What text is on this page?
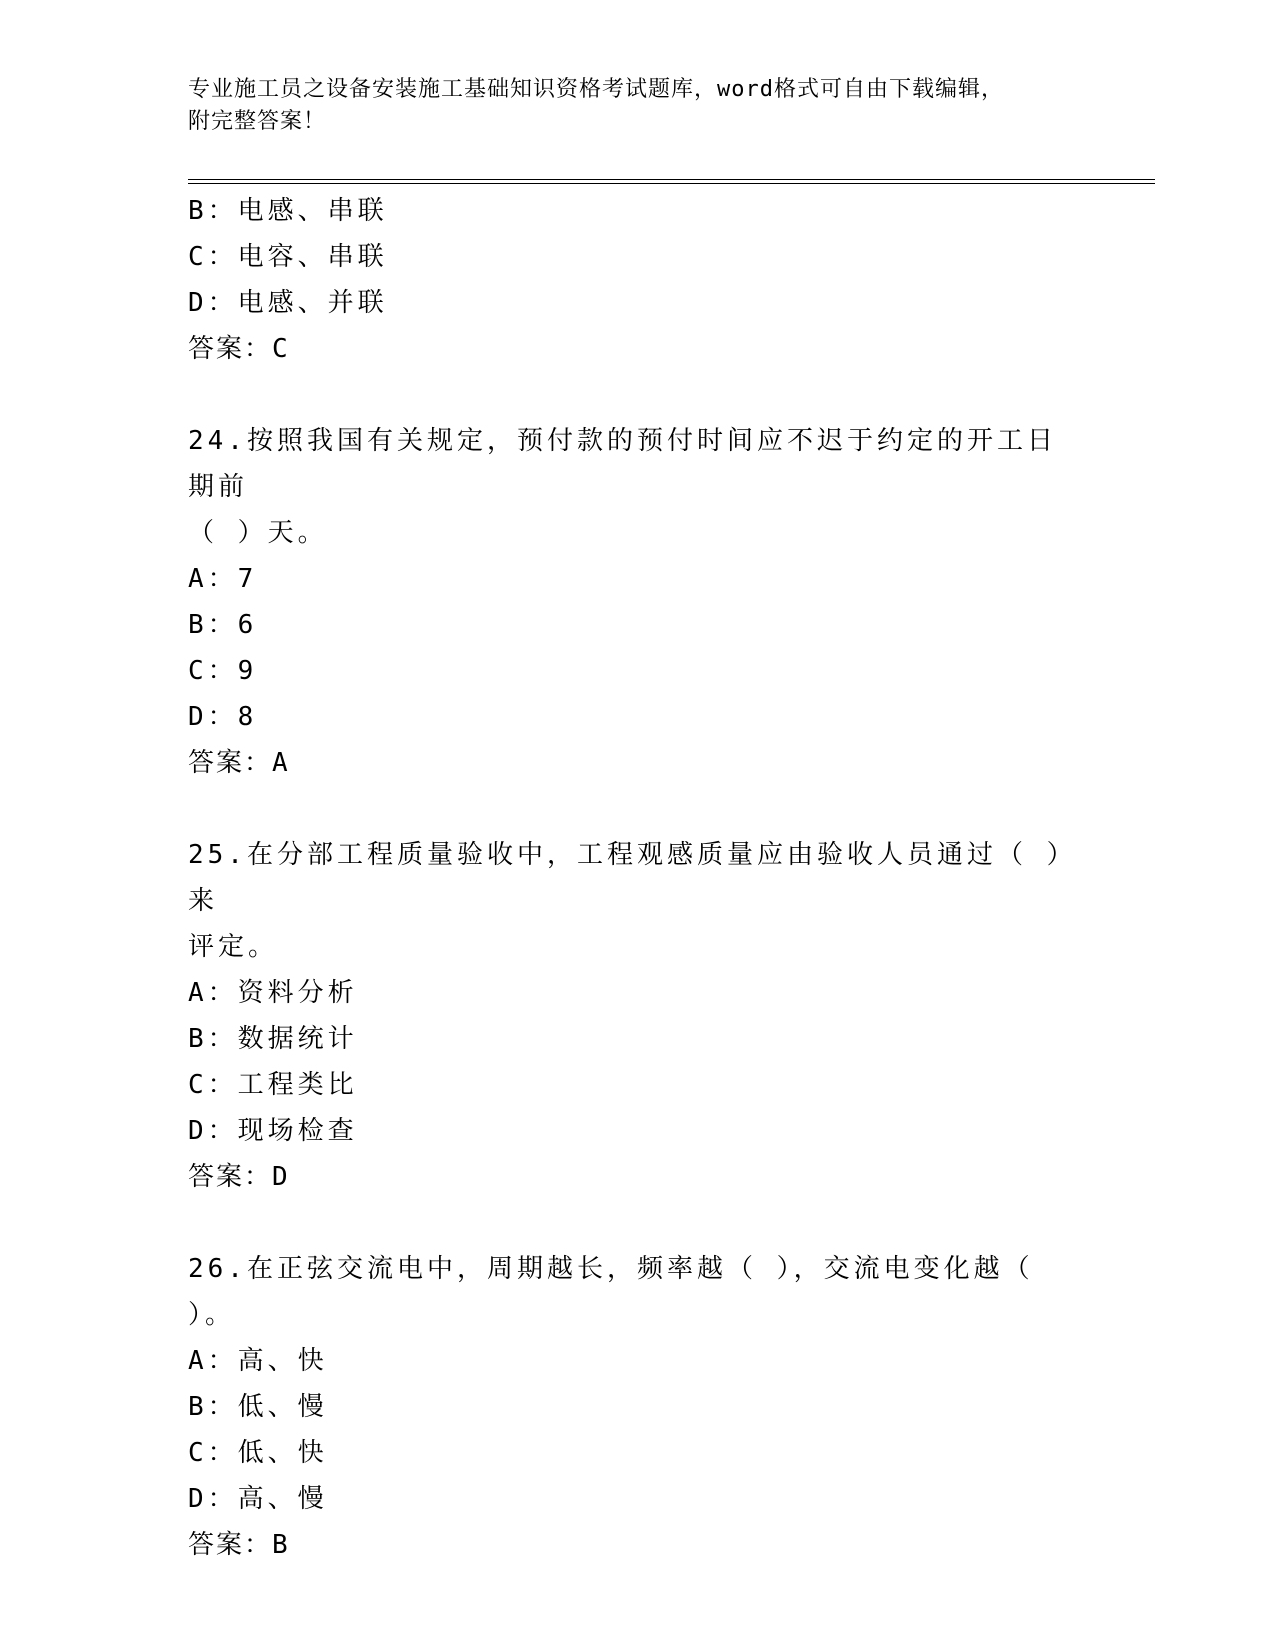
专业施工员之设备安装施工基础知识资格考试题库，word格式可自由下载编辑，
附完整答案！
B：电感、串联
C：电容、串联
D：电感、并联
答案：C
24.按照我国有关规定，预付款的预付时间应不迟于约定的开工日期前
（ ）天。
A：7
B：6
C：9
D：8
答案：A
25.在分部工程质量验收中，工程观感质量应由验收人员通过（ ）来
评定。
A：资料分析
B：数据统计
C：工程类比
D：现场检查
答案：D
26.在正弦交流电中，周期越长，频率越（ ），交流电变化越（ ）。
A：高、快
B：低、慢
C：低、快
D：高、慢
答案：B
